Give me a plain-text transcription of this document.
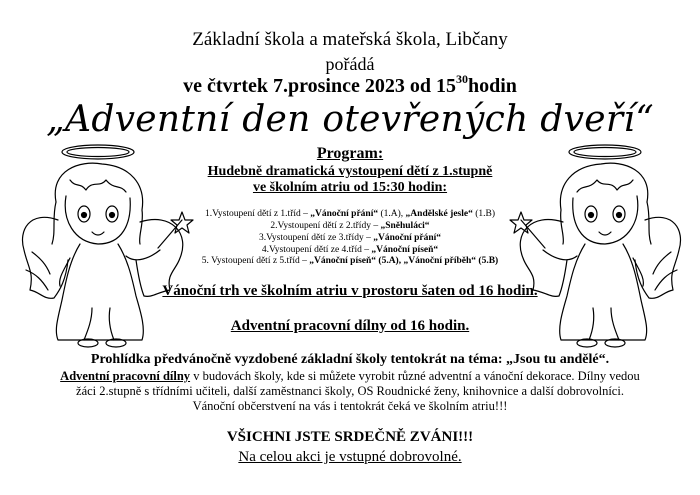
Základní škola a mateřská škola, Libčany
pořádá
ve čtvrtek 7.prosince 2023 od $15^{30}hodin$
„Adventní den otevřených dveří“
Program:
Hudebně dramatická vystoupení dětí z 1.stupně
ve školním atriu od 15:30 hodin:
1.Vystoupení dětí z 1.tříd – „Vánoční přání“ (1.A), „Andělské jesle“ (1.B)
2.Vystoupení dětí z 2.třídy – „Sněhuláci“
3.Vystoupení dětí ze 3.třídy – „Vánoční přání“
4.Vystoupení dětí ze 4.tříd – „Vánoční píseň“
5. Vystoupení dětí z 5.tříd – „Vánoční píseň“ (5.A), „Vánoční příběh“ (5.B)
Vánoční trh ve školním atriu v prostoru šaten od 16 hodin.
Adventní pracovní dílny od 16 hodin.
Prohlídka předvánočně vyzdobené základní školy tentokrát na téma: „Jsou tu andělé“.
Adventní pracovní dílny v budovách školy, kde si můžete vyrobit různé adventní a vánoční dekorace. Dílny vedou
žáci 2.stupně s třídními učiteli, další zaměstnanci školy, OS Roudnické ženy, knihovnice a další dobrovolníci.
Vánoční občerstvení na vás i tentokrát čeká ve školním atriu!!!
VŠICHNI JSTE SRDEČNĚ ZVÁNI!!!
Na celou akci je vstupné dobrovolné.
